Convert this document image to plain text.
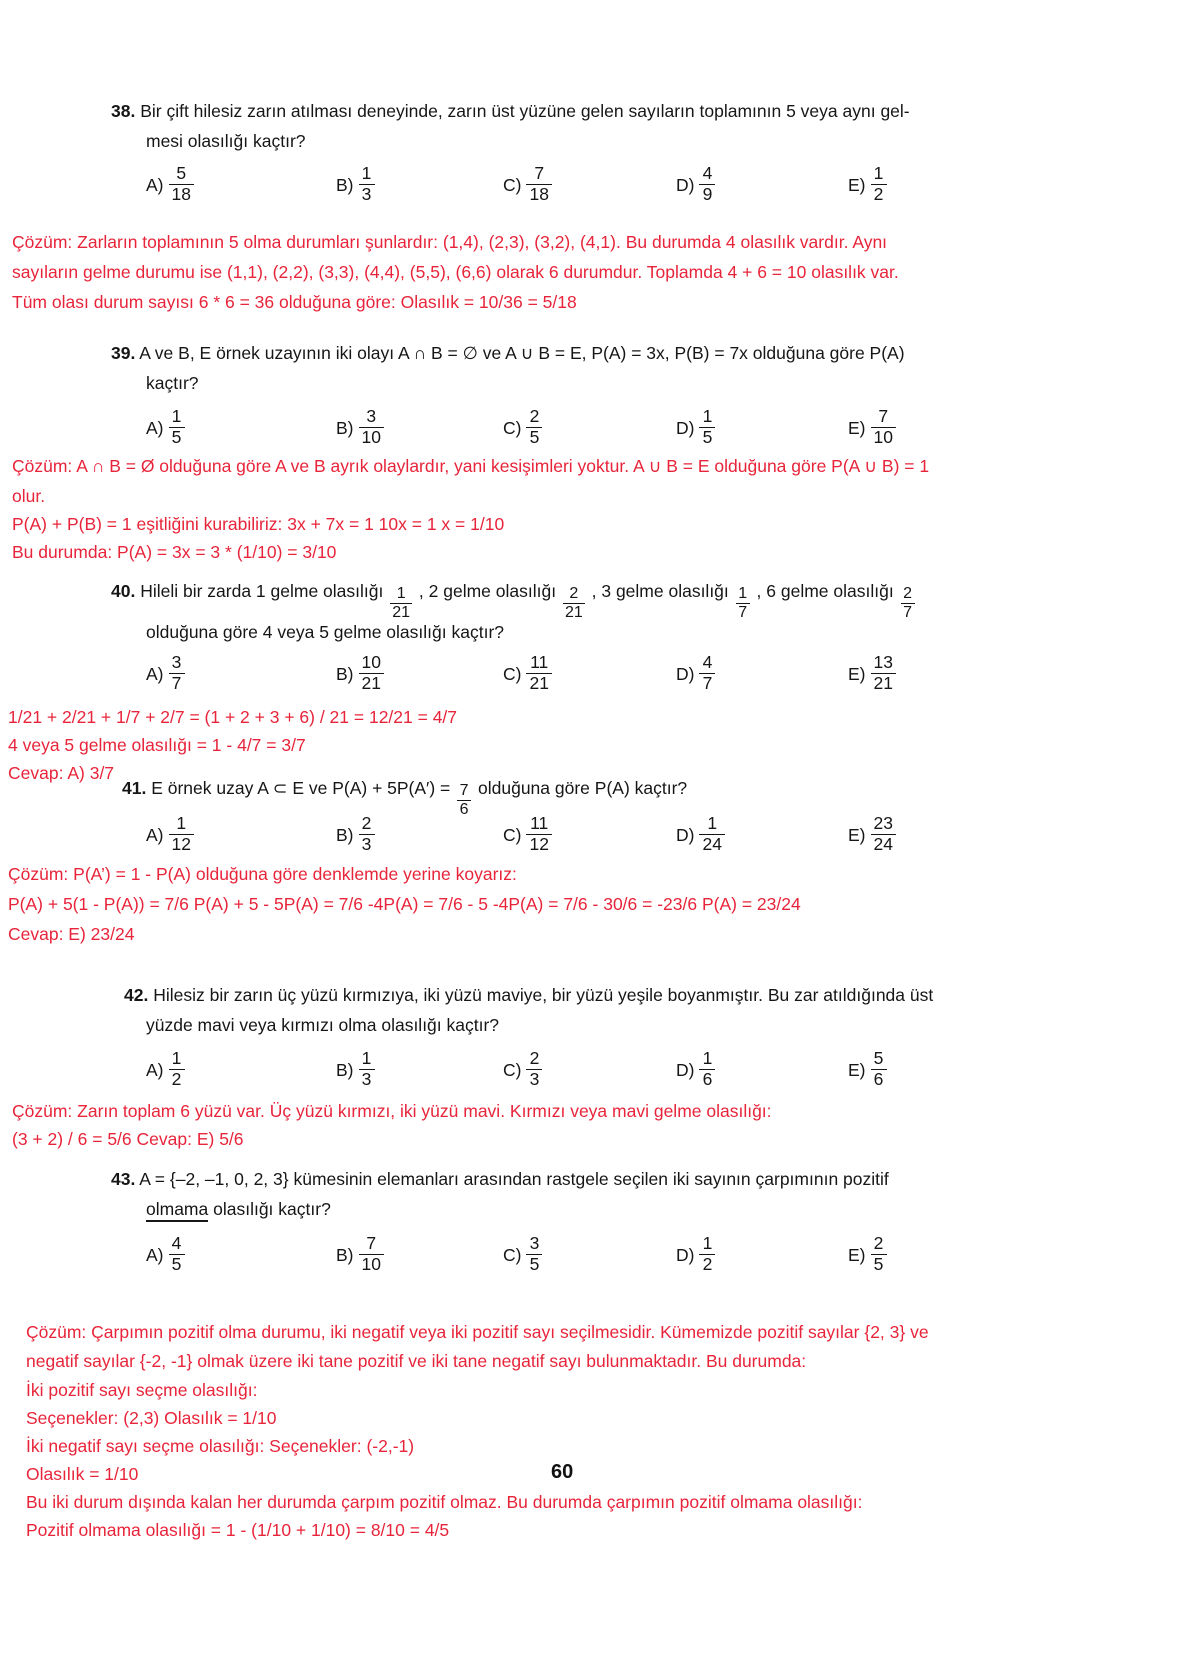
38. Bir çift hilesiz zarın atılması deneyinde, zarın üst yüzüne gelen sayıların toplamının 5 veya aynı gel-
mesi olasılığı kaçtır?
$A) \frac{5}{18}$	$B) \frac{1}{3}$	$C) \frac{7}{18}$	$D) \frac{4}{9}$	$E) \frac{1}{2}$
Çözüm: Zarların toplamının 5 olma durumları şunlardır: (1,4), (2,3), (3,2), (4,1). Bu durumda 4 olasılık vardır. Aynı
sayıların gelme durumu ise (1,1), (2,2), (3,3), (4,4), (5,5), (6,6) olarak 6 durumdur. Toplamda 4 + 6 = 10 olasılık var.
Tüm olası durum sayısı 6 * 6 = 36 olduğuna göre: Olasılık = 10/36 = 5/18
39. A ve B, E örnek uzayının iki olayı A ∩ B = ∅ ve A ∪ B = E, P(A) = 3x, P(B) = 7x olduğuna göre P(A)
kaçtır?
$A) \frac{1}{5}$	$B) \frac{3}{10}$	$C) \frac{2}{5}$	$D) \frac{1}{5}$	$E) \frac{7}{10}$
Çözüm: A ∩ B = Ø olduğuna göre A ve B ayrık olaylardır, yani kesişimleri yoktur. A ∪ B = E olduğuna göre P(A ∪ B) = 1
olur.
P(A) + P(B) = 1 eşitliğini kurabiliriz: 3x + 7x = 1 10x = 1 x = 1/10
Bu durumda: P(A) = 3x = 3 * (1/10) = 3/10
40. Hileli bir zarda 1 gelme olasılığı $\frac{1}{21}$ , 2 gelme olasılığı $\frac{2}{21}$ , 3 gelme olasılığı $\frac{1}{7}$ , 6 gelme olasılığı $\frac{2}{7}$
olduğuna göre 4 veya 5 gelme olasılığı kaçtır?
$A) \frac{3}{7}$	$B) \frac{10}{21}$	$C) \frac{11}{21}$	$D) \frac{4}{7}$	$E) \frac{13}{21}$
1/21 + 2/21 + 1/7 + 2/7 = (1 + 2 + 3 + 6) / 21 = 12/21 = 4/7
4 veya 5 gelme olasılığı = 1 - 4/7 = 3/7
Cevap: A) 3/7
41. E örnek uzay A ⊂ E ve $P(A) + 5P(A') = \frac{7}{6}$ olduğuna göre P(A) kaçtır?
$A) \frac{1}{12}$	$B) \frac{2}{3}$	$C) \frac{11}{12}$	$D) \frac{1}{24}$	$E) \frac{23}{24}$
Çözüm: P(A’) = 1 - P(A) olduğuna göre denklemde yerine koyarız:
P(A) + 5(1 - P(A)) = 7/6 P(A) + 5 - 5P(A) = 7/6 -4P(A) = 7/6 - 5 -4P(A) = 7/6 - 30/6 = -23/6 P(A) = 23/24
Cevap: E) 23/24
42. Hilesiz bir zarın üç yüzü kırmızıya, iki yüzü maviye, bir yüzü yeşile boyanmıştır. Bu zar atıldığında üst
yüzde mavi veya kırmızı olma olasılığı kaçtır?
$A) \frac{1}{2}$	$B) \frac{1}{3}$	$C) \frac{2}{3}$	$D) \frac{1}{6}$	$E) \frac{5}{6}$
Çözüm: Zarın toplam 6 yüzü var. Üç yüzü kırmızı, iki yüzü mavi. Kırmızı veya mavi gelme olasılığı:
(3 + 2) / 6 = 5/6 Cevap: E) 5/6
43. A = {–2, –1, 0, 2, 3} kümesinin elemanları arasından rastgele seçilen iki sayının çarpımının pozitif
olmama olasılığı kaçtır?
$A) \frac{4}{5}$	$B) \frac{7}{10}$	$C) \frac{3}{5}$	$D) \frac{1}{2}$	$E) \frac{2}{5}$
Çözüm: Çarpımın pozitif olma durumu, iki negatif veya iki pozitif sayı seçilmesidir. Kümemizde pozitif sayılar {2, 3} ve
negatif sayılar {-2, -1} olmak üzere iki tane pozitif ve iki tane negatif sayı bulunmaktadır. Bu durumda:
İki pozitif sayı seçme olasılığı:
Seçenekler: (2,3) Olasılık = 1/10
İki negatif sayı seçme olasılığı: Seçenekler: (-2,-1)
Olasılık = 1/10
Bu iki durum dışında kalan her durumda çarpım pozitif olmaz. Bu durumda çarpımın pozitif olmama olasılığı:
Pozitif olmama olasılığı = 1 - (1/10 + 1/10) = 8/10 = 4/5
60
